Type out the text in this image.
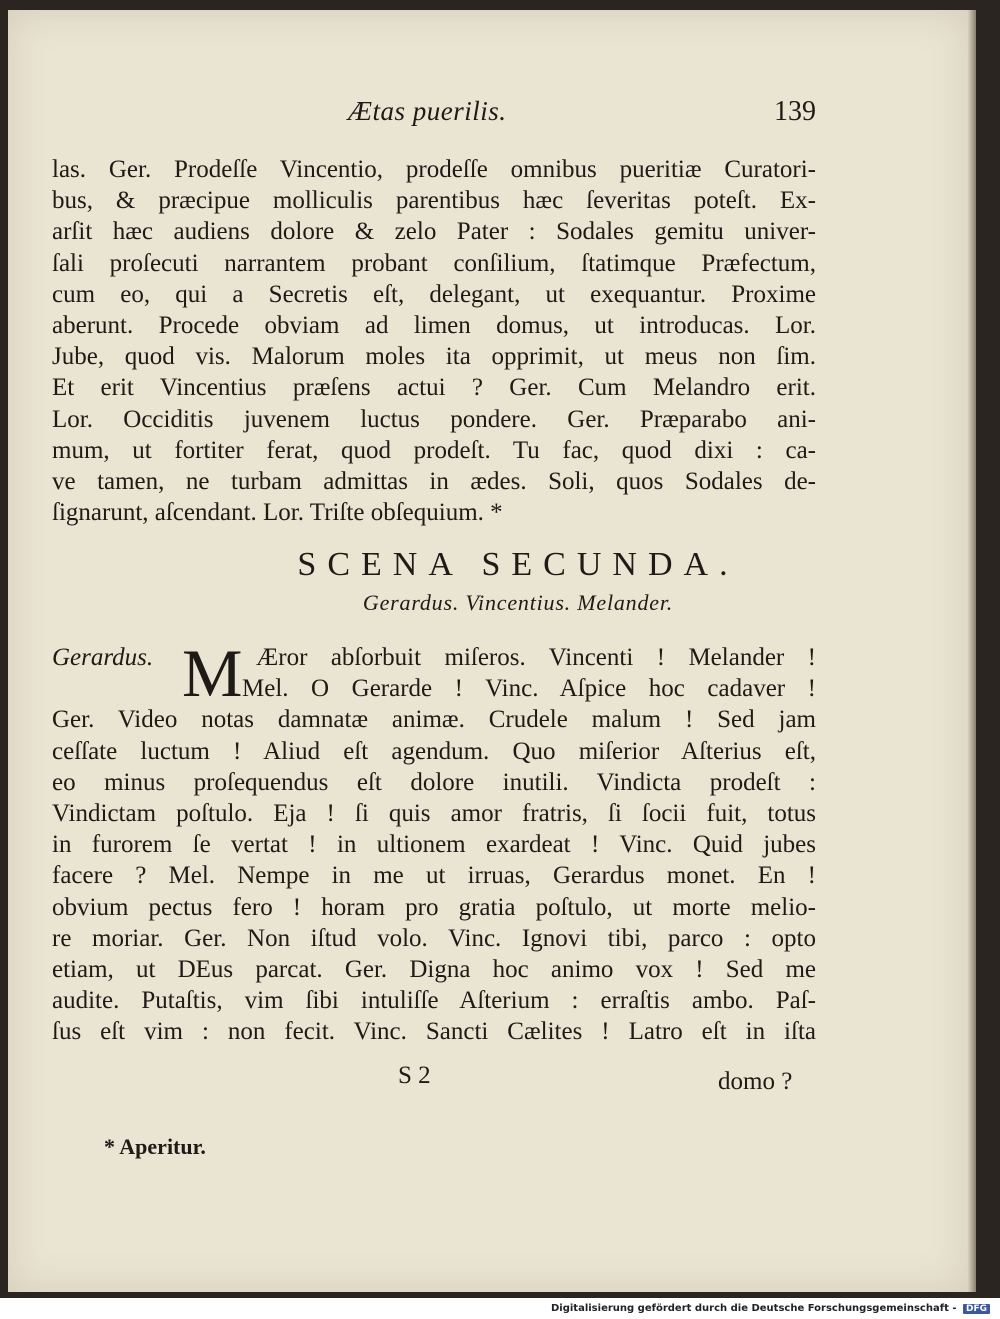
Ætas puerilis.	139
las. Ger. Prodeſſe Vincentio, prodeſſe omnibus pueritiæ Curatori-
bus, & præcipue molliculis parentibus hæc ſeveritas poteſt. Ex-
arſit hæc audiens dolore & zelo Pater : Sodales gemitu univer-
ſali proſecuti narrantem probant conſilium, ſtatimque Præfectum,
cum eo, qui a Secretis eſt, delegant, ut exequantur. Proxime
aberunt. Procede obviam ad limen domus, ut introducas. Lor.
Jube, quod vis. Malorum moles ita opprimit, ut meus non ſim.
Et erit Vincentius præſens actui ? Ger. Cum Melandro erit.
Lor. Occiditis juvenem luctus pondere. Ger. Præparabo ani-
mum, ut fortiter ferat, quod prodeſt. Tu fac, quod dixi : ca-
ve tamen, ne turbam admittas in ædes. Soli, quos Sodales de-
ſignarunt, aſcendant. Lor. Triſte obſequium. *
SCENA SECUNDA.
Gerardus. Vincentius. Melander.
M
Gerardus.	Æror abſorbuit miſeros. Vincenti ! Melander !
Mel. O Gerarde ! Vinc. Aſpice hoc cadaver !
Ger. Video notas damnatæ animæ. Crudele malum ! Sed jam
ceſſate luctum ! Aliud eſt agendum. Quo miſerior Aſterius eſt,
eo minus proſequendus eſt dolore inutili. Vindicta prodeſt :
Vindictam poſtulo. Eja ! ſi quis amor fratris, ſi ſocii fuit, totus
in furorem ſe vertat ! in ultionem exardeat ! Vinc. Quid jubes
facere ? Mel. Nempe in me ut irruas, Gerardus monet. En !
obvium pectus fero ! horam pro gratia poſtulo, ut morte melio-
re moriar. Ger. Non iſtud volo. Vinc. Ignovi tibi, parco : opto
etiam, ut DEus parcat. Ger. Digna hoc animo vox ! Sed me
audite. Putaſtis, vim ſibi intuliſſe Aſterium : erraſtis ambo. Paſ-
ſus eſt vim : non fecit. Vinc. Sancti Cælites ! Latro eſt in iſta
S 2	domo ?
* Aperitur.
Digitalisierung gefördert durch die Deutsche Forschungsgemeinschaft - DFG
